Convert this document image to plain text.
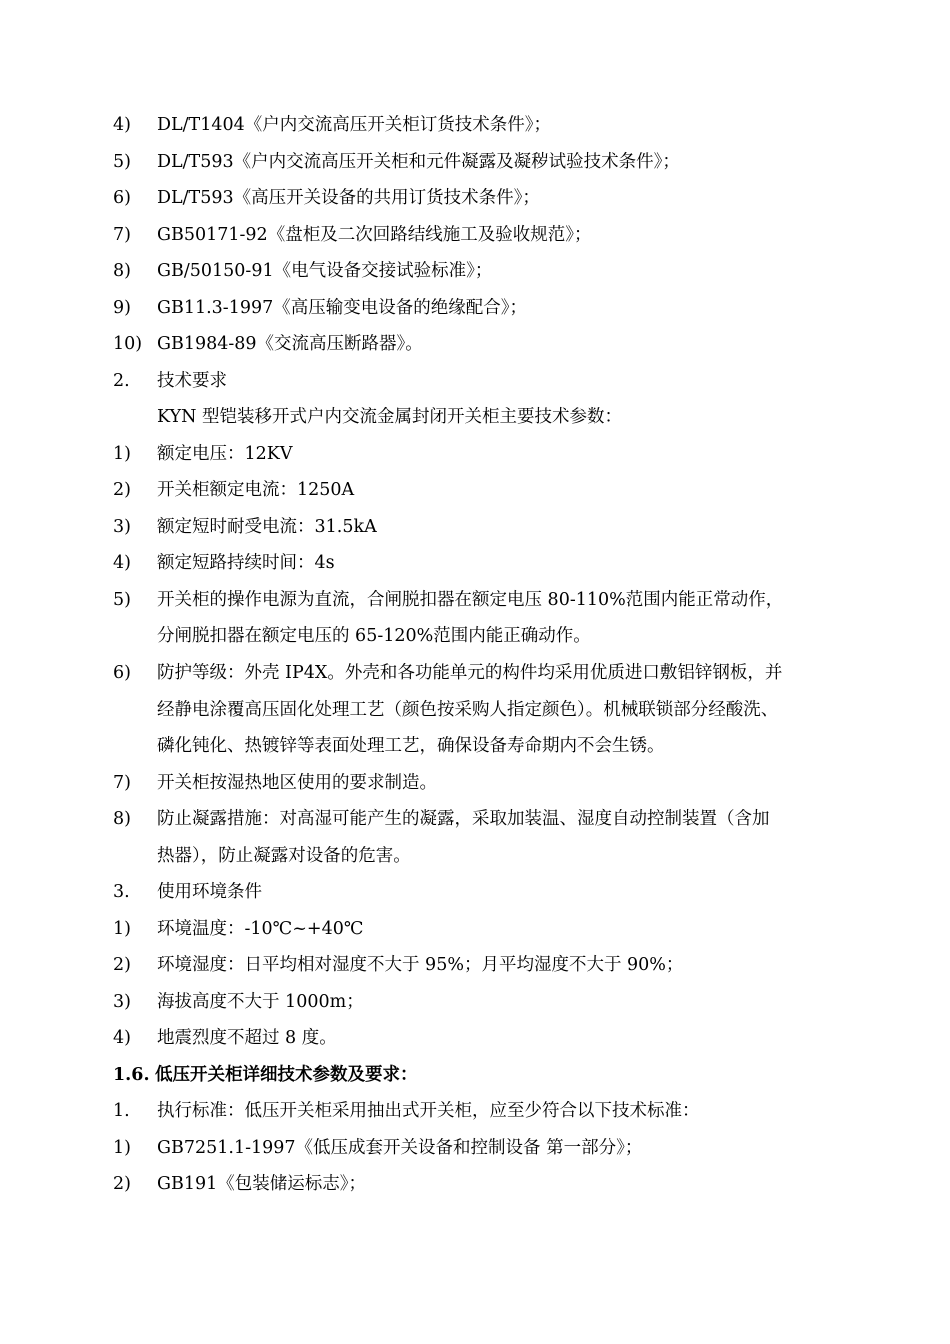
4) DL/T1404《户内交流高压开关柜订货技术条件》；
5) DL/T593《户内交流高压开关柜和元件凝露及凝秽试验技术条件》；
6) DL/T593《高压开关设备的共用订货技术条件》；
7) GB50171-92《盘柜及二次回路结线施工及验收规范》；
8) GB/50150-91《电气设备交接试验标准》；
9) GB11.3-1997《高压输变电设备的绝缘配合》；
10) GB1984-89《交流高压断路器》。
2. 技术要求
KYN 型铠装移开式户内交流金属封闭开关柜主要技术参数：
1) 额定电压：12KV
2) 开关柜额定电流：1250A
3) 额定短时耐受电流：31.5kA
4) 额定短路持续时间：4s
5) 开关柜的操作电源为直流，合闸脱扣器在额定电压 80-110%范围内能正常动作，
分闸脱扣器在额定电压的 65-120%范围内能正确动作。
6) 防护等级：外壳 IP4X。外壳和各功能单元的构件均采用优质进口敷铝锌钢板，并
经静电涂覆高压固化处理工艺（颜色按采购人指定颜色）。机械联锁部分经酸洗、
磷化钝化、热镀锌等表面处理工艺，确保设备寿命期内不会生锈。
7) 开关柜按湿热地区使用的要求制造。
8) 防止凝露措施：对高湿可能产生的凝露，采取加装温、湿度自动控制装置（含加
热器），防止凝露对设备的危害。
3. 使用环境条件
1) 环境温度：-10℃~+40℃
2) 环境湿度：日平均相对湿度不大于 95%；月平均湿度不大于 90%；
3) 海拔高度不大于 1000m；
4) 地震烈度不超过 8 度。
1.6. 低压开关柜详细技术参数及要求：
1. 执行标准：低压开关柜采用抽出式开关柜，应至少符合以下技术标准：
1) GB7251.1-1997《低压成套开关设备和控制设备 第一部分》；
2) GB191《包装储运标志》；
